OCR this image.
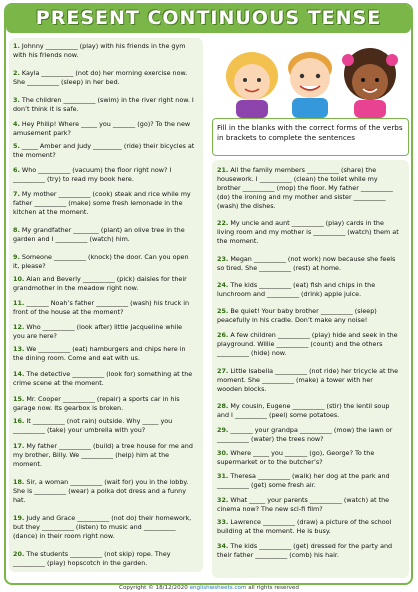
PRESENT CONTINUOUS TENSE
Fill in the blanks with the correct forms of the verbs in brackets to complete the sentences
1. Johnny __________ (play) with his friends in the gym with his friends now.
2. Kayla __________ (not do) her morning exercise now. She __________ (sleep) in her bed.
3. The children __________ (swim) in the river right now. I don’t think it is safe.
4. Hey Philip! Where _____ you _______ (go)? To the new amusement park?
5. _____ Amber and Judy _________ (ride) their bicycles at the moment?
6. Who __________ (vacuum) the floor right now? I __________ (try) to read my book here.
7. My mother __________ (cook) steak and rice while my father __________ (make) some fresh lemonade in the kitchen at the moment.
8. My grandfather ________ (plant) an olive tree in the garden and I __________ (watch) him.
9. Someone __________ (knock) the door. Can you open it, please?
10. Alan and Beverly __________ (pick) daisies for their grandmother in the meadow right now.
11. _______ Noah’s father __________ (wash) his truck in front of the house at the moment?
12. Who __________ (look after) little Jacqueline while you are here?
13. We __________ (eat) hamburgers and chips here in the dining room. Come and eat with us.
14. The detective __________ (look for) something at the crime scene at the moment.
15. Mr. Cooper __________ (repair) a sports car in his garage now. Its gearbox is broken.
16. It __________ (not rain) outside. Why _____ you __________ (take) your umbrella with you?
17. My father __________ (build) a tree house for me and my brother, Billy. We __________ (help) him at the moment.
18. Sir, a woman __________ (wait for) you in the lobby. She is __________ (wear) a polka dot dress and a funny hat.
19. Judy and Grace __________ (not do) their homework, but they __________ (listen) to music and __________ (dance) in their room right now.
20. The students __________ (not skip) rope. They __________ (play) hopscotch in the garden.
21. All the family members __________ (share) the housework. I __________ (clean) the toilet while my brother __________ (mop) the floor. My father __________ (do) the ironing and my mother and sister __________ (wash) the dishes.
22. My uncle and aunt __________ (play) cards in the living room and my mother is __________ (watch) them at the moment.
23. Megan __________ (not work) now because she feels so tired. She __________ (rest) at home.
24. The kids __________ (eat) fish and chips in the lunchroom and __________ (drink) apple juice.
25. Be quiet! Your baby brother __________ (sleep) peacefully in his cradle. Don’t make any noise!
26. A few children __________ (play) hide and seek in the playground. Willie __________ (count) and the others __________ (hide) now.
27. Little Isabella __________ (not ride) her tricycle at the moment. She __________ (make) a tower with her wooden blocks.
28. My cousin, Eugene __________ (stir) the lentil soup and I __________ (peel) some potatoes.
29. _______ your grandpa __________ (mow) the lawn or __________ (water) the trees now?
30. Where _____ you _______ (go), George? To the supermarket or to the butcher’s?
31. Theresa __________ (walk) her dog at the park and __________ (get) some fresh air.
32. What _____ your parents __________ (watch) at the cinema now? The new sci-fi film?
33. Lawrence __________ (draw) a picture of the school building at the moment. He is busy.
34. The kids __________ (get) dressed for the party and their father __________ (comb) his hair.
Copyright © 18/12/2020 englishwsheets.com all rights reserved
